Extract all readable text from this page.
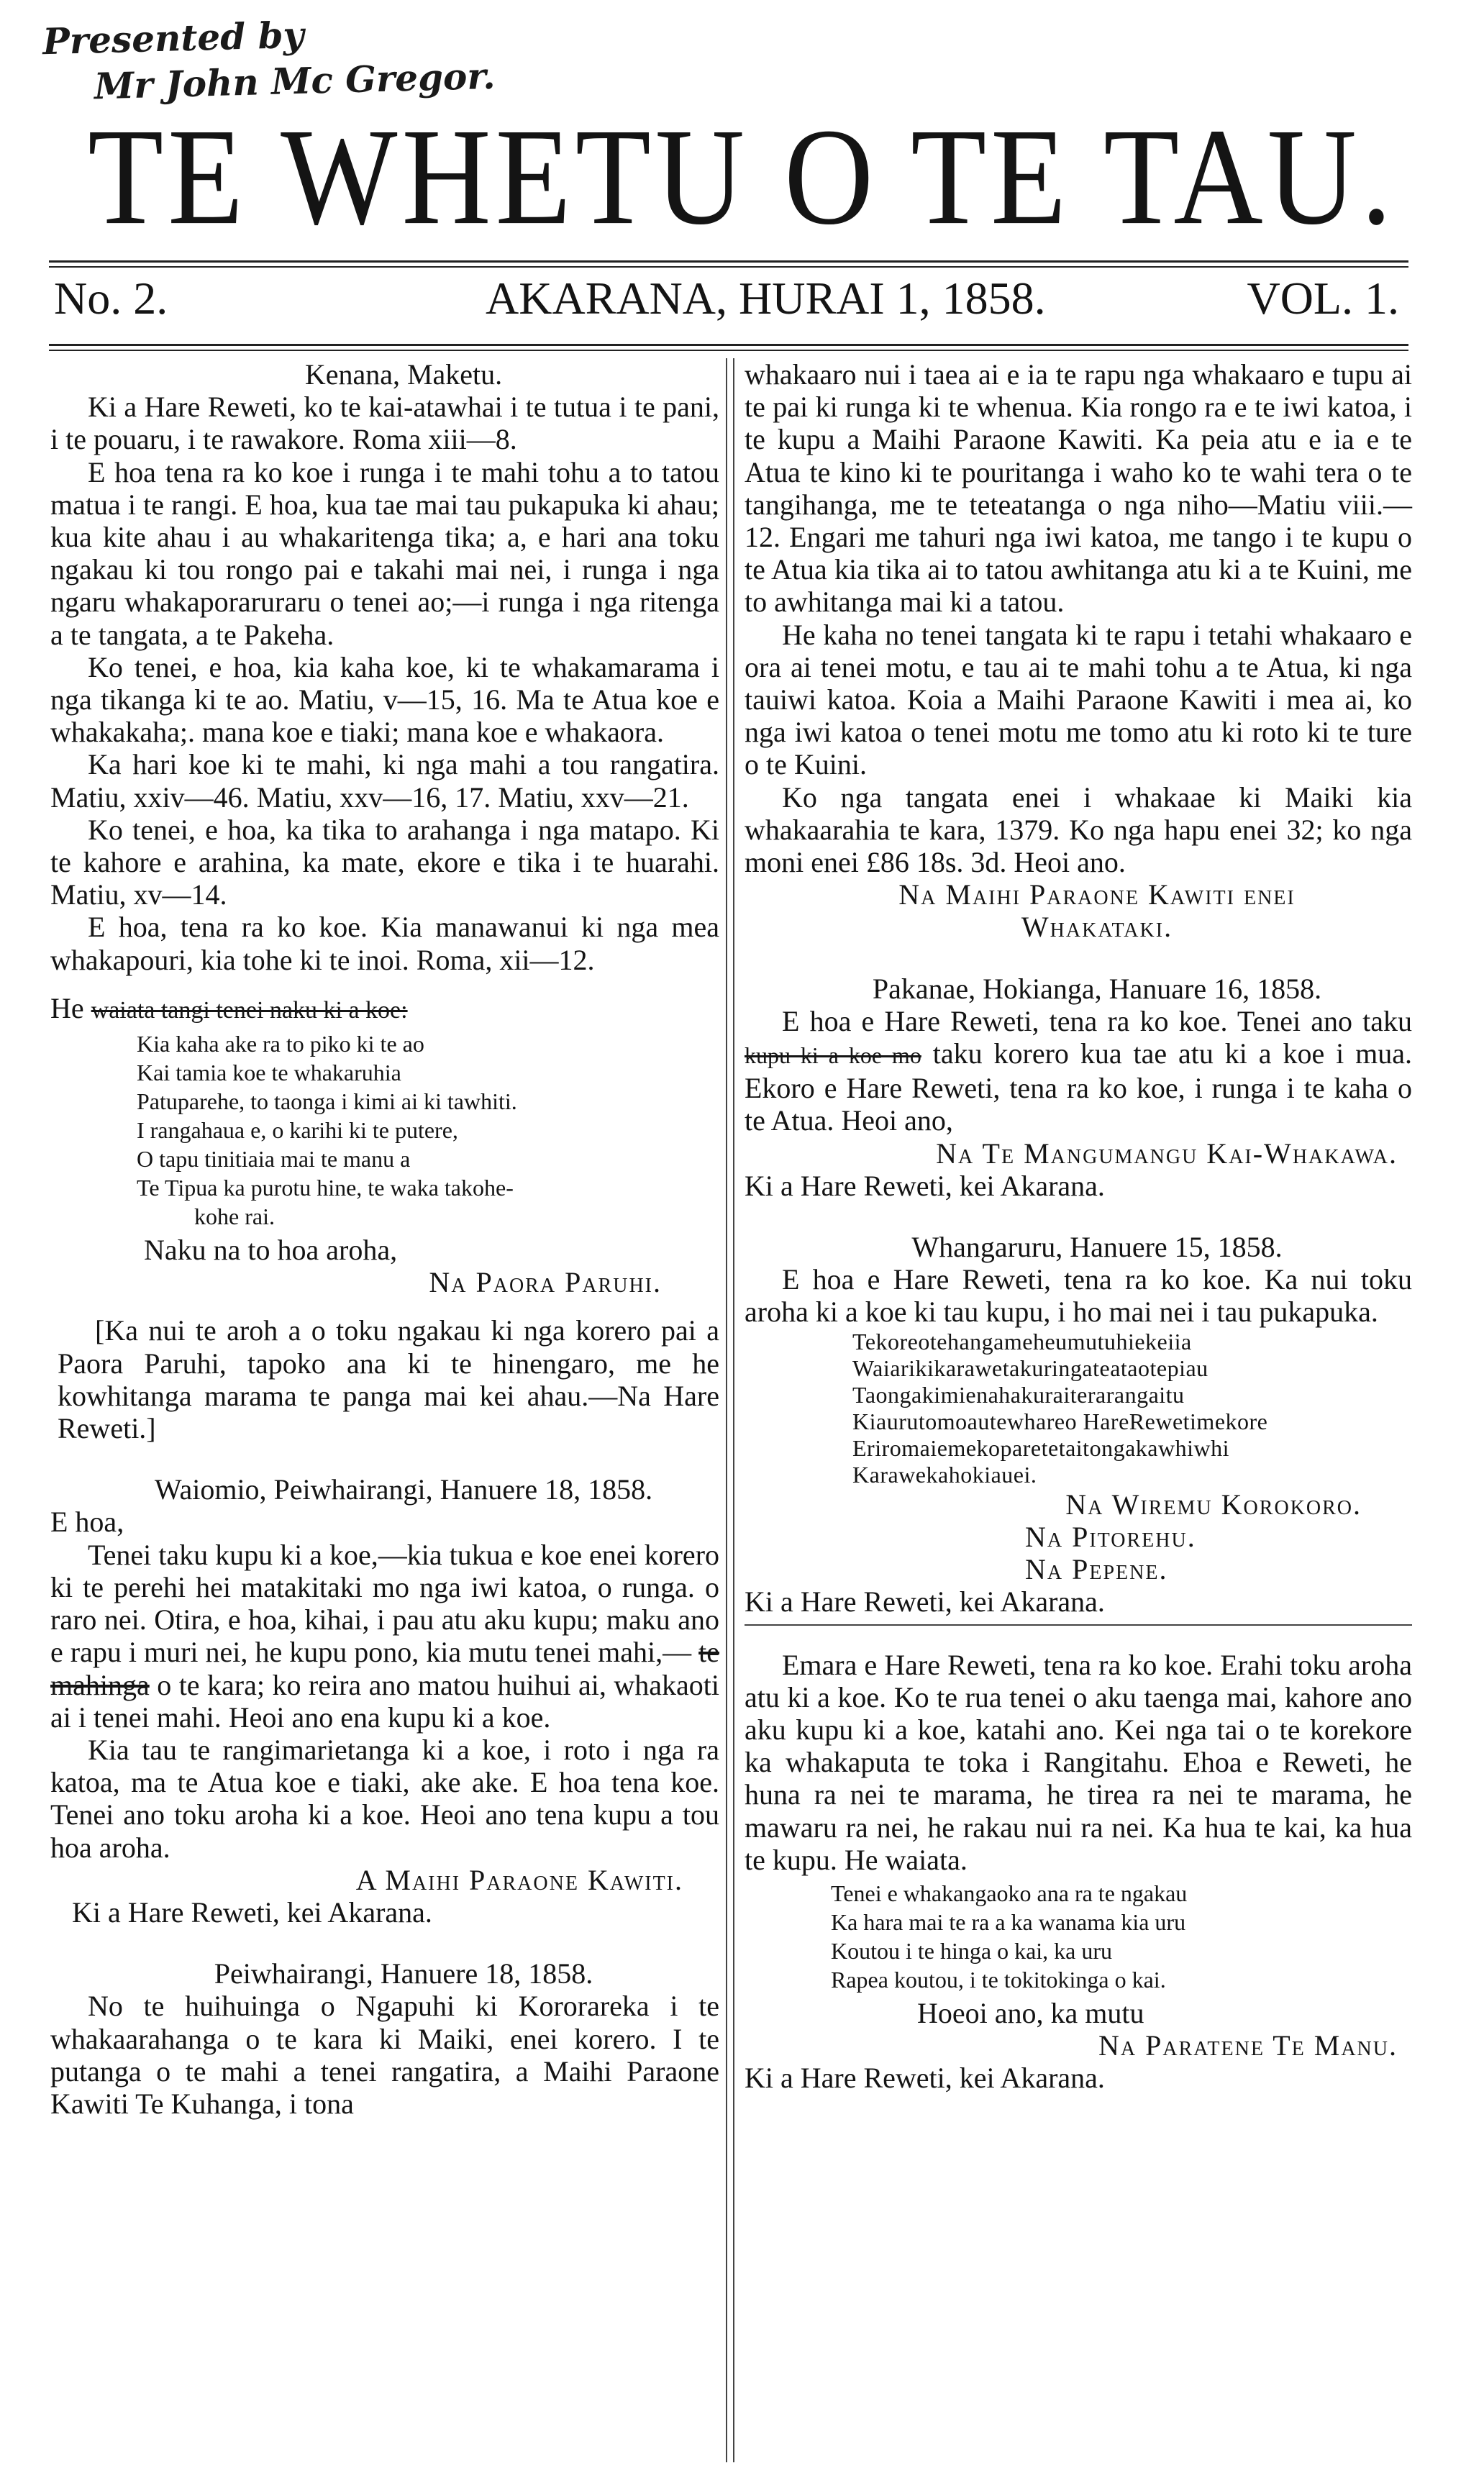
Presented by
Mr John Mc Gregor.
TE WHETU O TE TAU.
No. 2.	AKARANA, HURAI 1, 1858.	VOL. 1.

Kenana, Maketu.

Ki a Hare Reweti, ko te kai-atawhai i te tutua i te pani, i te pouaru, i te rawakore. Roma xiii—8.

E hoa tena ra ko koe i runga i te mahi tohu a to tatou matua i te rangi. E hoa, kua tae mai tau pukapuka ki ahau; kua kite ahau i au whakaritenga tika; a, e hari ana toku ngakau ki tou rongo pai e takahi mai nei, i runga i nga ngaru whakaporaruraru o tenei ao;—i runga i nga ritenga a te tangata, a te Pakeha.

Ko tenei, e hoa, kia kaha koe, ki te whakamarama i nga tikanga ki te ao. Matiu, v—15, 16. Ma te Atua koe e whakakaha;. mana koe e tiaki; mana koe e whakaora.

Ka hari koe ki te mahi, ki nga mahi a tou rangatira. Matiu, xxiv—46. Matiu, xxv—16, 17. Matiu, xxv—21.

Ko tenei, e hoa, ka tika to arahanga i nga matapo. Ki te kahore e arahina, ka mate, ekore e tika i te huarahi. Matiu, xv—14.

E hoa, tena ra ko koe. Kia manawanui ki nga mea whakapouri, kia tohe ki te inoi. Roma, xii—12.

He waiata tangi tenei naku ki a koe:

Kia kaha ake ra to piko ki te ao
Kai tamia koe te whakaruhia
Patuparehe, to taonga i kimi ai ki tawhiti.
I rangahaua e, o karihi ki te putere,
O tapu tinitiaia mai te manu a
Te Tipua ka purotu hine, te waka takohe-
kohe rai.

Naku na to hoa aroha,

Na Paora Paruhi.

[Ka nui te aroh a o toku ngakau ki nga korero pai a Paora Paruhi, tapoko ana ki te hinengaro, me he kowhitanga marama te panga mai kei ahau.—Na Hare Reweti.]

Waiomio, Peiwhairangi, Hanuere 18, 1858.

E hoa,

Tenei taku kupu ki a koe,—kia tukua e koe enei korero ki te perehi hei matakitaki mo nga iwi katoa, o runga. o raro nei. Otira, e hoa, kihai, i pau atu aku kupu; maku ano e rapu i muri nei, he kupu pono, kia mutu tenei mahi,— te mahinga o te kara; ko reira ano matou huihui ai, whakaoti ai i tenei mahi. Heoi ano ena kupu ki a koe.

Kia tau te rangimarietanga ki a koe, i roto i nga ra katoa, ma te Atua koe e tiaki, ake ake. E hoa tena koe. Tenei ano toku aroha ki a koe. Heoi ano tena kupu a tou hoa aroha.

A Maihi Paraone Kawiti.

Ki a Hare Reweti, kei Akarana.

Peiwhairangi, Hanuere 18, 1858.

No te huihuinga o Ngapuhi ki Kororareka i te whakaarahanga o te kara ki Maiki, enei korero. I te putanga o te mahi a tenei rangatira, a Maihi Paraone Kawiti Te Kuhanga, i tona

whakaaro nui i taea ai e ia te rapu nga whakaaro e tupu ai te pai ki runga ki te whenua. Kia rongo ra e te iwi katoa, i te kupu a Maihi Paraone Kawiti. Ka peia atu e ia e te Atua te kino ki te pouritanga i waho ko te wahi tera o te tangihanga, me te teteatanga o nga niho—Matiu viii.—12. Engari me tahuri nga iwi katoa, me tango i te kupu o te Atua kia tika ai to tatou awhitanga atu ki a te Kuini, me to awhitanga mai ki a tatou.

He kaha no tenei tangata ki te rapu i tetahi whakaaro e ora ai tenei motu, e tau ai te mahi tohu a te Atua, ki nga tauiwi katoa. Koia a Maihi Paraone Kawiti i mea ai, ko nga iwi katoa o tenei motu me tomo atu ki roto ki te ture o te Kuini.

Ko nga tangata enei i whakaae ki Maiki kia whakaarahia te kara, 1379. Ko nga hapu enei 32; ko nga moni enei £86 18s. 3d. Heoi ano.

Na Maihi Paraone Kawiti enei

Whakataki.

Pakanae, Hokianga, Hanuare 16, 1858.

E hoa e Hare Reweti, tena ra ko koe. Tenei ano taku kupu ki a koe mo taku korero kua tae atu ki a koe i mua. Ekoro e Hare Reweti, tena ra ko koe, i runga i te kaha o te Atua. Heoi ano,

Na Te Mangumangu Kai-Whakawa.

Ki a Hare Reweti, kei Akarana.

Whangaruru, Hanuere 15, 1858.

E hoa e Hare Reweti, tena ra ko koe. Ka nui toku aroha ki a koe ki tau kupu, i ho mai nei i tau pukapuka.

Tekoreotehangameheumutuhiekeiia
Waiarikikarawetakuringateataotepiau
Taongakimienahakuraiterarangaitu
Kiaurutomoautewhareo HareRewetimekore
Eriromaiemekoparetetaitongakawhiwhi
Karawekahokiauei.

Na Wiremu Korokoro.

Na Pitorehu.

Na Pepene.

Ki a Hare Reweti, kei Akarana.

Emara e Hare Reweti, tena ra ko koe. Erahi toku aroha atu ki a koe. Ko te rua tenei o aku taenga mai, kahore ano aku kupu ki a koe, katahi ano. Kei nga tai o te korekore ka whakaputa te toka i Rangitahu. Ehoa e Reweti, he huna ra nei te marama, he tirea ra nei te marama, he mawaru ra nei, he rakau nui ra nei. Ka hua te kai, ka hua te kupu. He waiata.

Tenei e whakangaoko ana ra te ngakau
Ka hara mai te ra a ka wanama kia uru
Koutou i te hinga o kai, ka uru
Rapea koutou, i te tokitokinga o kai.

Hoeoi ano, ka mutu

Na Paratene Te Manu.

Ki a Hare Reweti, kei Akarana.
